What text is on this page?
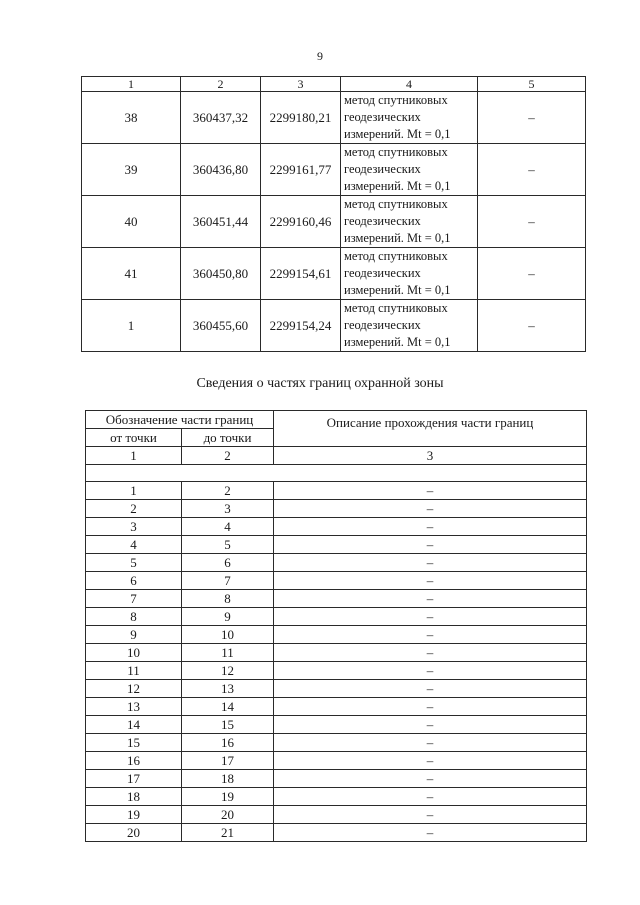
9
1	2	3	4	5
38	360437,32	2299180,21	метод спутниковых
геодезических
измерений. Mt = 0,1	–
39	360436,80	2299161,77	метод спутниковых
геодезических
измерений. Mt = 0,1	–
40	360451,44	2299160,46	метод спутниковых
геодезических
измерений. Mt = 0,1	–
41	360450,80	2299154,61	метод спутниковых
геодезических
измерений. Mt = 0,1	–
1	360455,60	2299154,24	метод спутниковых
геодезических
измерений. Mt = 0,1	–
Сведения о частях границ охранной зоны
Обозначение части границ		Описание прохождения части границ
от точки	до точки	
1	2	3

1	2	–
2	3	–
3	4	–
4	5	–
5	6	–
6	7	–
7	8	–
8	9	–
9	10	–
10	11	–
11	12	–
12	13	–
13	14	–
14	15	–
15	16	–
16	17	–
17	18	–
18	19	–
19	20	–
20	21	–
